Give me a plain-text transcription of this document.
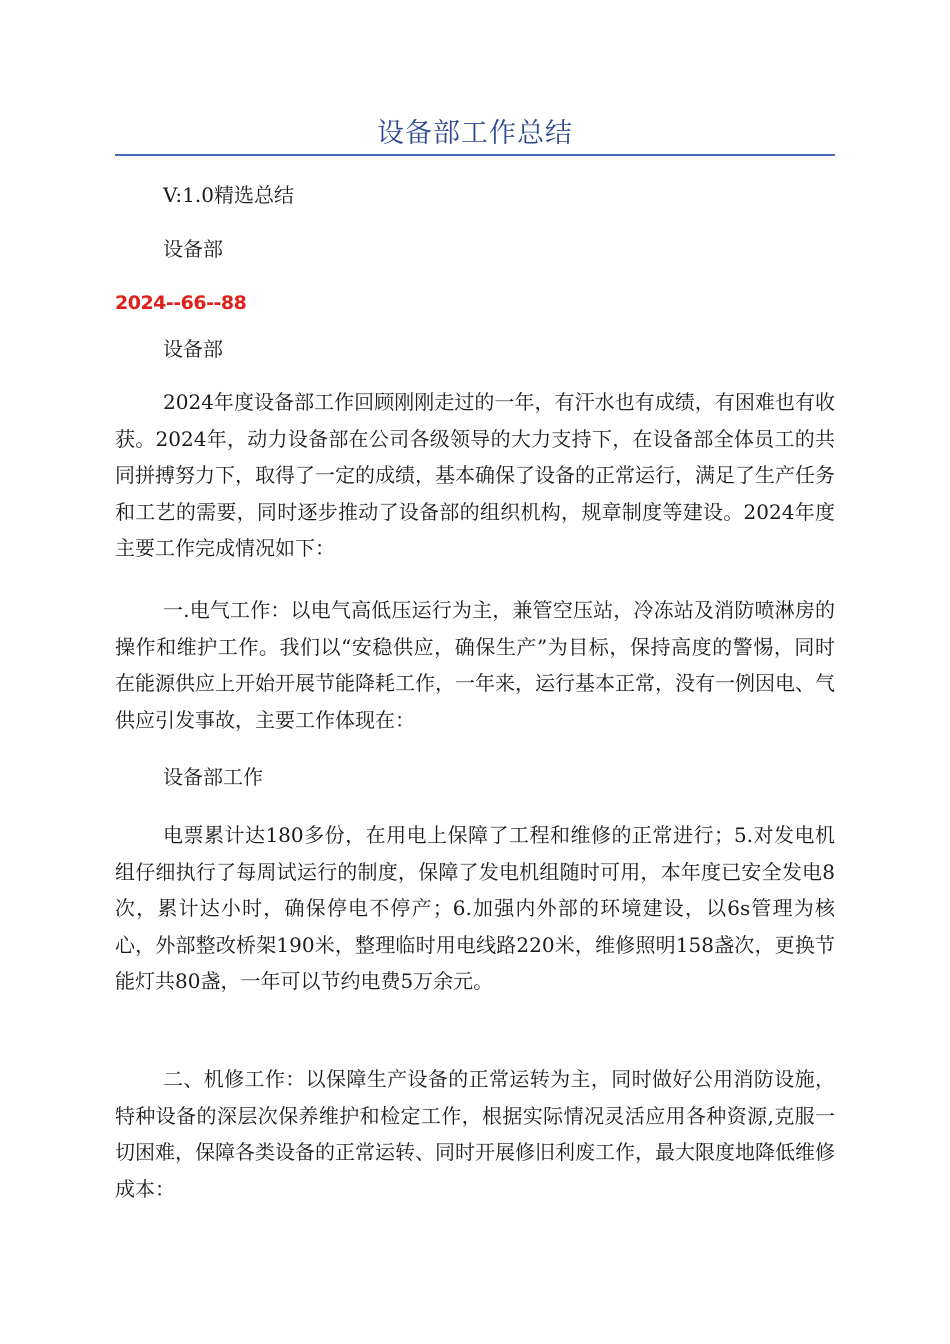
设备部工作总结
V:1.0精选总结
设备部
2024--66--88
设备部

2024年度设备部工作回顾刚刚走过的一年，有汗水也有成绩，有困难也有收获。2024年，动力设备部在公司各级领导的大力支持下，在设备部全体员工的共同拼搏努力下，取得了一定的成绩，基本确保了设备的正常运行，满足了生产任务和工艺的需要，同时逐步推动了设备部的组织机构，规章制度等建设。2024年度主要工作完成情况如下：

一.电气工作：以电气高低压运行为主，兼管空压站，冷冻站及消防喷淋房的操作和维护工作。我们以“安稳供应，确保生产”为目标，保持高度的警惕，同时在能源供应上开始开展节能降耗工作，一年来，运行基本正常，没有一例因电、气供应引发事故，主要工作体现在：

设备部工作

电票累计达180多份，在用电上保障了工程和维修的正常进行；5.对发电机组仔细执行了每周试运行的制度，保障了发电机组随时可用，本年度已安全发电8次，累计达小时，确保停电不停产；6.加强内外部的环境建设，以6s管理为核心，外部整改桥架190米，整理临时用电线路220米，维修照明158盏次，更换节能灯共80盏，一年可以节约电费5万余元。

二、机修工作：以保障生产设备的正常运转为主，同时做好公用消防设施，特种设备的深层次保养维护和检定工作，根据实际情况灵活应用各种资源,克服一切困难，保障各类设备的正常运转、同时开展修旧利废工作，最大限度地降低维修成本：
